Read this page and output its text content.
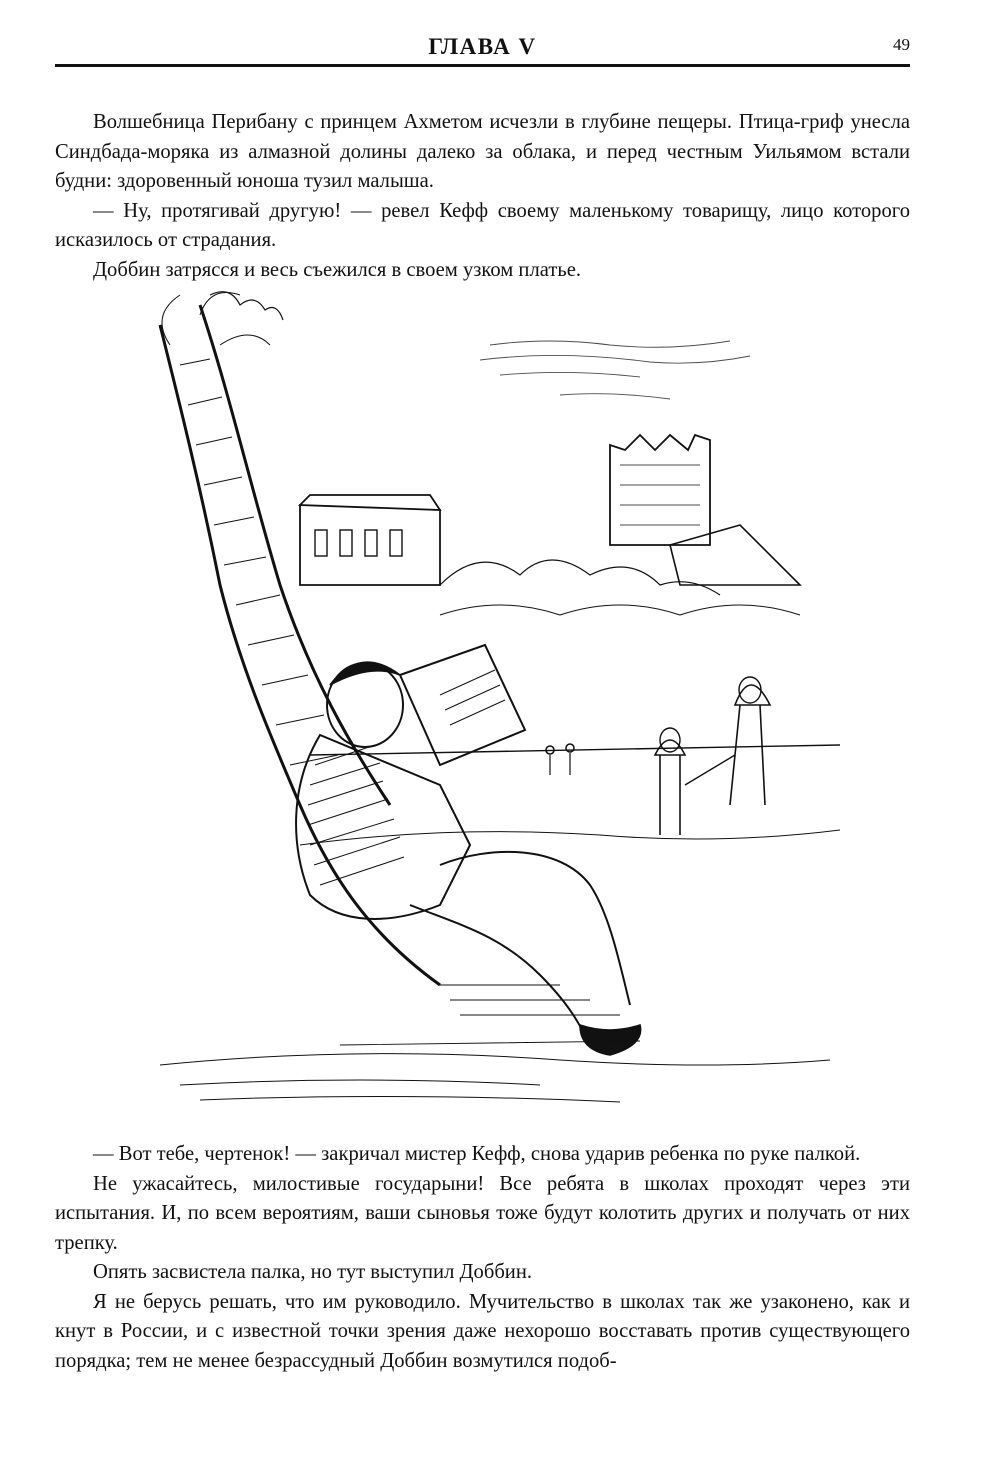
ГЛАВА V	49

Волшебница Перибану с принцем Ахметом исчезли в глубине пещеры. Птица-гриф унесла Синдбада-моряка из алмазной долины далеко за облака, и перед честным Уильямом встали будни: здоровенный юноша тузил малыша.

— Ну, протягивай другую! — ревел Кефф своему маленькому товарищу, лицо которого исказилось от страдания.

Доббин затрясся и весь съежился в своем узком платье.

— Вот тебе, чертенок! — закричал мистер Кефф, снова ударив ребенка по руке палкой.

Не ужасайтесь, милостивые государыни! Все ребята в школах проходят через эти испытания. И, по всем вероятиям, ваши сыновья тоже будут колотить других и получать от них трепку.

Опять засвистела палка, но тут выступил Доббин.

Я не берусь решать, что им руководило. Мучительство в школах так же узаконено, как и кнут в России, и с известной точки зрения даже нехорошо восставать против существующего порядка; тем не менее безрассудный Доббин возмутился подоб-
